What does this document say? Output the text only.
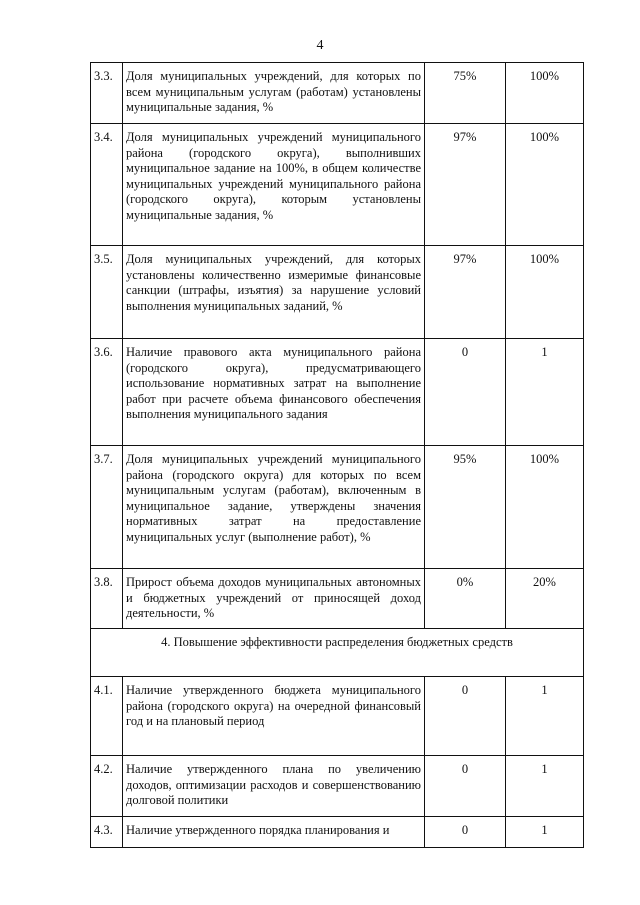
4
3.3.	Доля муниципальных учреждений, для которых по всем муниципальным услугам (работам) установлены муниципальные задания, %	75%	100%
3.4.	Доля муниципальных учреждений муниципального района (городского округа), выполнивших муниципальное задание на 100%, в общем количестве муниципальных учреждений муниципального района (городского округа), которым установлены муниципальные задания, %	97%	100%
3.5.	Доля муниципальных учреждений, для которых установлены количественно измеримые финансовые санкции (штрафы, изъятия) за нарушение условий выполнения муниципальных заданий, %	97%	100%
3.6.	Наличие правового акта муниципального района (городского округа), предусматривающего использование нормативных затрат на выполнение работ при расчете объема финансового обеспечения выполнения муниципального задания	0	1
3.7.	Доля муниципальных учреждений муниципального района (городского округа) для которых по всем муниципальным услугам (работам), включенным в муниципальное задание, утверждены значения нормативных затрат на предоставление муниципальных услуг (выполнение работ), %	95%	100%
3.8.	Прирост объема доходов муниципальных автономных и бюджетных учреждений от приносящей доход деятельности, %	0%	20%
4. Повышение эффективности распределения бюджетных средств			
4.1.	Наличие утвержденного бюджета муниципального района (городского округа) на очередной финансовый год и на плановый период	0	1
4.2.	Наличие утвержденного плана по увеличению доходов, оптимизации расходов и совершенствованию долговой политики	0	1
4.3.	Наличие утвержденного порядка планирования и	0	1
